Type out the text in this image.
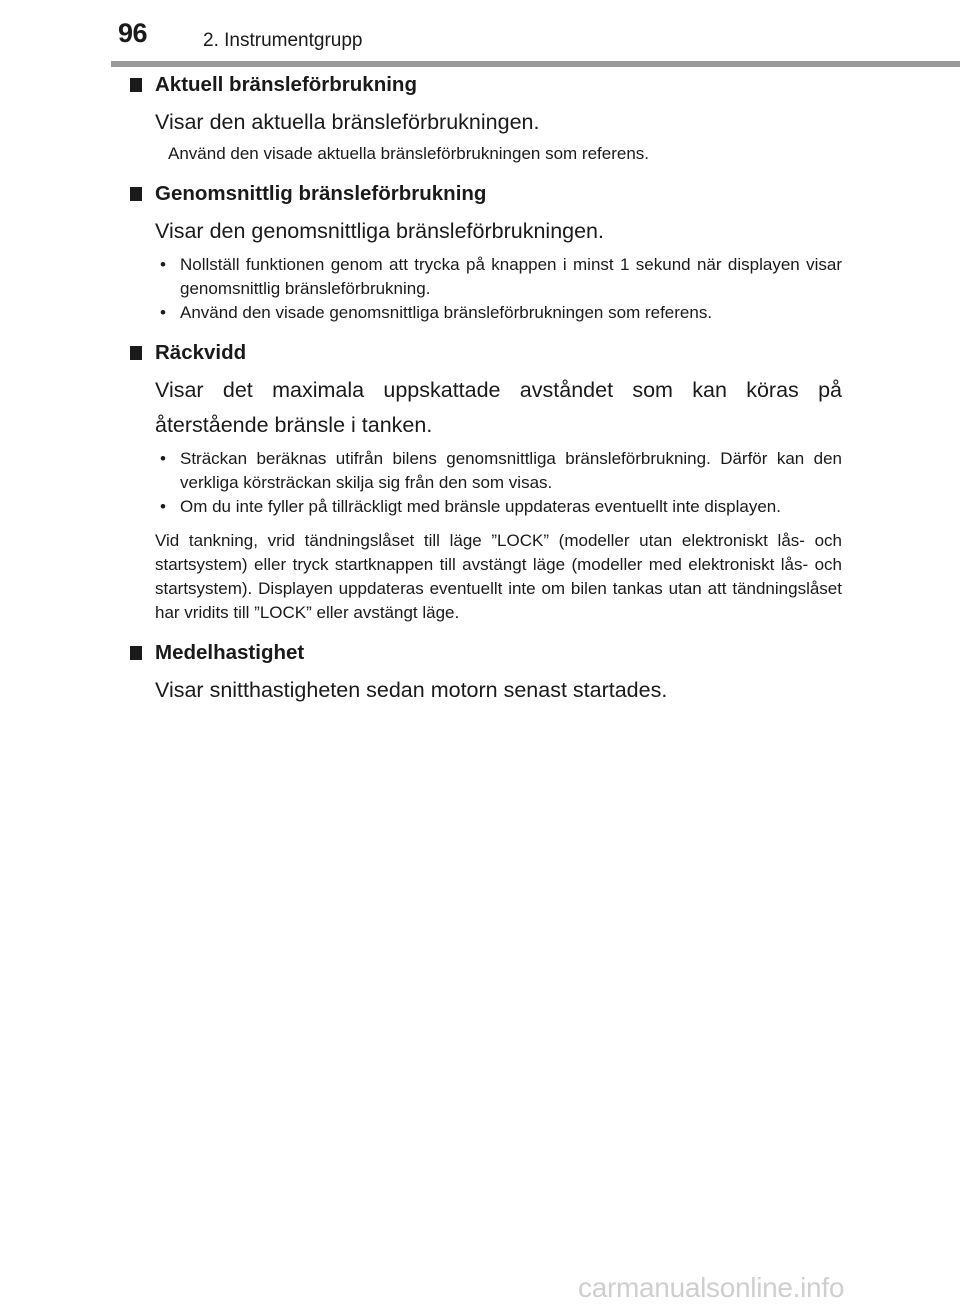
96	2. Instrumentgrupp
Aktuell bränsleförbrukning
Visar den aktuella bränsleförbrukningen.
Använd den visade aktuella bränsleförbrukningen som referens.
Genomsnittlig bränsleförbrukning
Visar den genomsnittliga bränsleförbrukningen.
• Nollställ funktionen genom att trycka på knappen i minst 1 sekund när displayen visar genomsnittlig bränsleförbrukning.
• Använd den visade genomsnittliga bränsleförbrukningen som referens.
Räckvidd
Visar det maximala uppskattade avståndet som kan köras på återstående bränsle i tanken.
• Sträckan beräknas utifrån bilens genomsnittliga bränsleförbrukning. Därför kan den verkliga körsträckan skilja sig från den som visas.
• Om du inte fyller på tillräckligt med bränsle uppdateras eventuellt inte displayen.
Vid tankning, vrid tändningslåset till läge ”LOCK” (modeller utan elektroniskt lås- och startsystem) eller tryck startknappen till avstängt läge (modeller med elektroniskt lås- och startsystem). Displayen uppdateras eventuellt inte om bilen tankas utan att tändningslåset har vridits till ”LOCK” eller avstängt läge.
Medelhastighet
Visar snitthastigheten sedan motorn senast startades.
carmanualsonline.info
